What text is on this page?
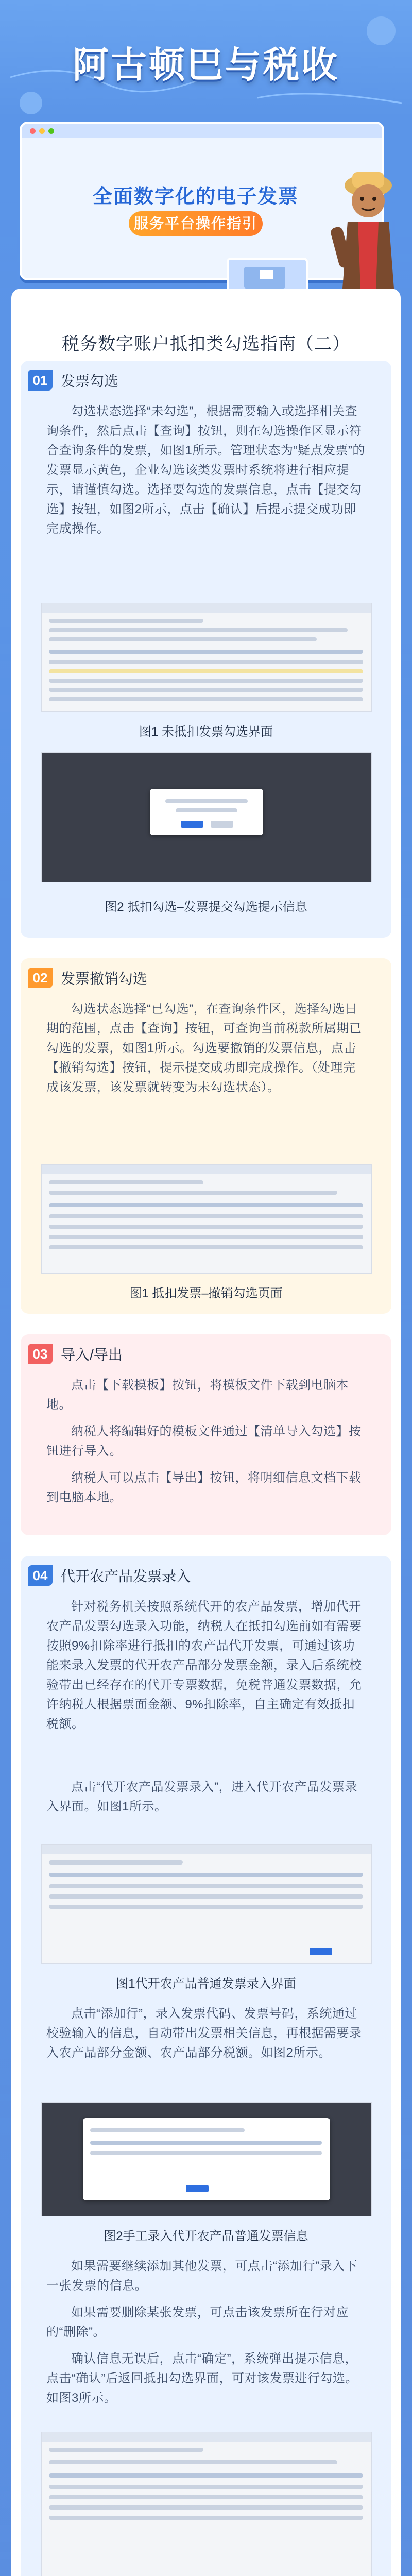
阿古顿巴与税收
全面数字化的电子发票
服务平台操作指引
税务数字账户抵扣类勾选指南（二）
01 发票勾选
勾选状态选择“未勾选”，根据需要输入或选择相关查询条件，然后点击【查询】按钮，则在勾选操作区显示符合查询条件的发票，如图1所示。管理状态为“疑点发票”的发票显示黄色，企业勾选该类发票时系统将进行相应提示，请谨慎勾选。选择要勾选的发票信息，点击【提交勾选】按钮，如图2所示，点击【确认】后提示提交成功即完成操作。
图1 未抵扣发票勾选界面
图2 抵扣勾选–发票提交勾选提示信息
02 发票撤销勾选
勾选状态选择“已勾选”，在查询条件区，选择勾选日期的范围，点击【查询】按钮，可查询当前税款所属期已勾选的发票，如图1所示。勾选要撤销的发票信息，点击【撤销勾选】按钮，提示提交成功即完成操作。（处理完成该发票，该发票就转变为未勾选状态）。
图1 抵扣发票–撤销勾选页面
03 导入/导出
点击【下载模板】按钮，将模板文件下载到电脑本地。
纳税人将编辑好的模板文件通过【清单导入勾选】按钮进行导入。
纳税人可以点击【导出】按钮，将明细信息文档下载到电脑本地。
04 代开农产品发票录入
针对税务机关按照系统代开的农产品发票，增加代开农产品发票勾选录入功能，纳税人在抵扣勾选前如有需要按照9%扣除率进行抵扣的农产品代开发票，可通过该功能来录入发票的代开农产品部分发票金额，录入后系统校验带出已经存在的代开专票数据，免税普通发票数据，允许纳税人根据票面金额、9%扣除率，自主确定有效抵扣税额。
点击“代开农产品发票录入”，进入代开农产品发票录入界面。如图1所示。
图1代开农产品普通发票录入界面
点击“添加行”，录入发票代码、发票号码，系统通过校验输入的信息，自动带出发票相关信息，再根据需要录入农产品部分金额、农产品部分税额。如图2所示。
图2手工录入代开农产品普通发票信息
如果需要继续添加其他发票，可点击“添加行”录入下一张发票的信息。
如果需要删除某张发票，可点击该发票所在行对应的“删除”。
确认信息无误后，点击“确定”，系统弹出提示信息，点击“确认”后返回抵扣勾选界面，可对该发票进行勾选。如图3所示。
